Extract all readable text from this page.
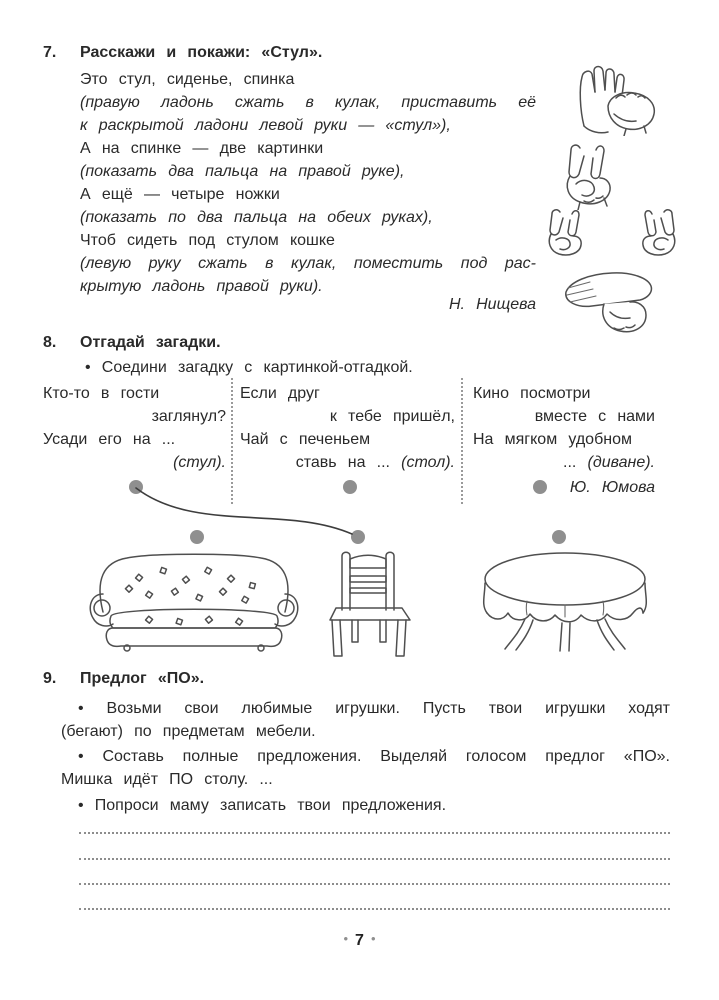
7. Расскажи и покажи: «Стул».
Это стул, сиденье, спинка
(правую ладонь сжать в кулак, приставить её
к раскрытой ладони левой руки — «стул»),
А на спинке — две картинки
(показать два пальца на правой руке),
А ещё — четыре ножки
(показать по два пальца на обеих руках),
Чтоб сидеть под стулом кошке
(левую руку сжать в кулак, поместить под рас-
крытую ладонь правой руки).
Н. Нищева
8. Отгадай загадки.
• Соедини загадку с картинкой-отгадкой.
Кто-то в гости
заглянул?
Усади его на ...
(стул).
Если друг
к тебе пришёл,
Чай с печеньем
ставь на ... (стол).
Кино посмотри
вместе с нами
На мягком удобном
... (диване).
Ю. Юмова
9. Предлог «ПО».
• Возьми свои любимые игрушки. Пусть твои игрушки ходят
(бегают) по предметам мебели.
• Составь полные предложения. Выделяй голосом предлог «ПО».
Мишка идёт ПО столу. ...
• Попроси маму записать твои предложения.
• 7 •
